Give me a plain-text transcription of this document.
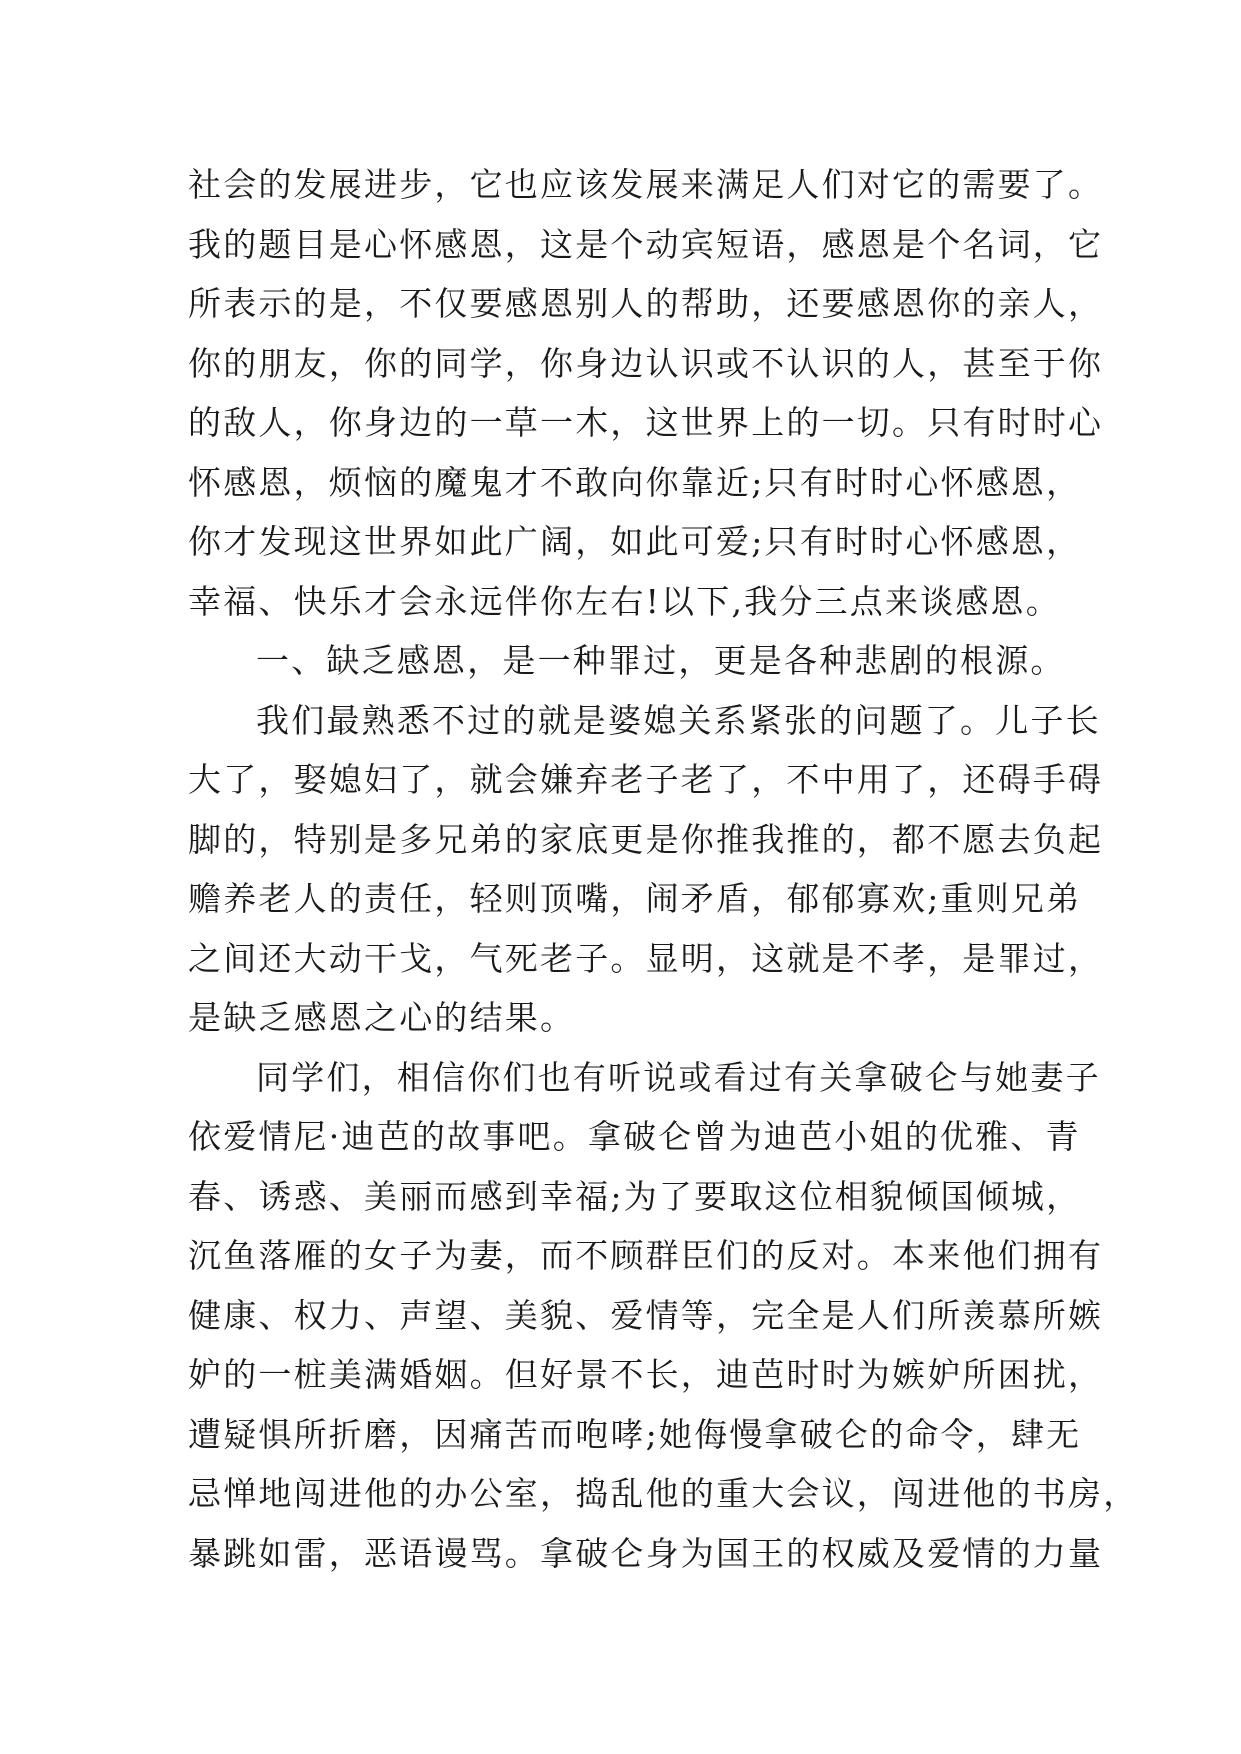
社会的发展进步，它也应该发展来满足人们对它的需要了。
我的题目是心怀感恩，这是个动宾短语，感恩是个名词，它
所表示的是，不仅要感恩别人的帮助，还要感恩你的亲人，
你的朋友，你的同学，你身边认识或不认识的人，甚至于你
的敌人，你身边的一草一木，这世界上的一切。只有时时心
怀感恩，烦恼的魔鬼才不敢向你靠近;只有时时心怀感恩，
你才发现这世界如此广阔，如此可爱;只有时时心怀感恩，
幸福、快乐才会永远伴你左右!以下,我分三点来谈感恩。
一、缺乏感恩，是一种罪过，更是各种悲剧的根源。
我们最熟悉不过的就是婆媳关系紧张的问题了。儿子长
大了，娶媳妇了，就会嫌弃老子老了，不中用了，还碍手碍
脚的，特别是多兄弟的家底更是你推我推的，都不愿去负起
赡养老人的责任，轻则顶嘴，闹矛盾，郁郁寡欢;重则兄弟
之间还大动干戈，气死老子。显明，这就是不孝，是罪过，
是缺乏感恩之心的结果。
同学们，相信你们也有听说或看过有关拿破仑与她妻子
依爱情尼·迪芭的故事吧。拿破仑曾为迪芭小姐的优雅、青
春、诱惑、美丽而感到幸福;为了要取这位相貌倾国倾城，
沉鱼落雁的女子为妻，而不顾群臣们的反对。本来他们拥有
健康、权力、声望、美貌、爱情等，完全是人们所羡慕所嫉
妒的一桩美满婚姻。但好景不长，迪芭时时为嫉妒所困扰，
遭疑惧所折磨，因痛苦而咆哮;她侮慢拿破仑的命令，肆无
忌惮地闯进他的办公室，捣乱他的重大会议，闯进他的书房，
暴跳如雷，恶语谩骂。拿破仑身为国王的权威及爱情的力量
